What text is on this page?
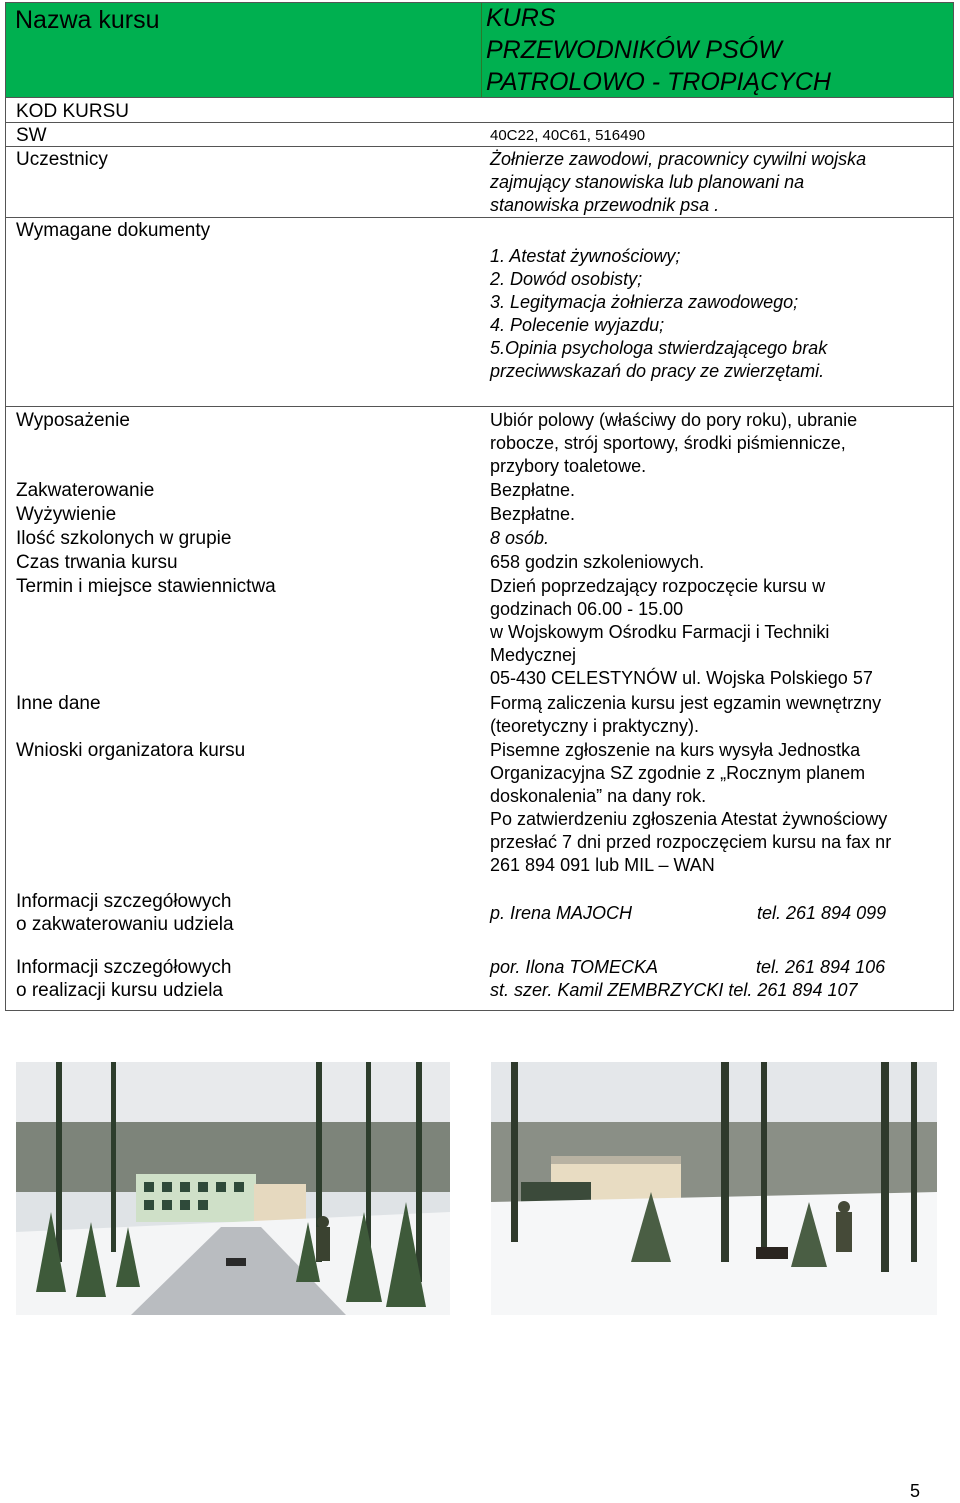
Nazwa kursu	KURS
PRZEWODNIKÓW PSÓW
PATROLOWO - TROPIĄCYCH
KOD KURSU
SW	40C22, 40C61, 516490
Uczestnicy	Żołnierze zawodowi, pracownicy cywilni wojska
zajmujący stanowiska lub planowani na
stanowiska przewodnik psa .
Wymagane dokumenty
1. Atestat żywnościowy;
2. Dowód osobisty;
3. Legitymacja żołnierza zawodowego;
4. Polecenie wyjazdu;
5.Opinia psychologa stwierdzającego brak
przeciwwskazań do pracy ze zwierzętami.
Wyposażenie	Ubiór polowy (właściwy do pory roku), ubranie
robocze, strój sportowy, środki piśmiennicze,
przybory toaletowe.
Zakwaterowanie	Bezpłatne.
Wyżywienie	Bezpłatne.
Ilość szkolonych w grupie	8 osób.
Czas trwania kursu	658 godzin szkoleniowych.
Termin i miejsce stawiennictwa	Dzień poprzedzający rozpoczęcie kursu w
godzinach 06.00 - 15.00
w Wojskowym Ośrodku Farmacji i Techniki
Medycznej
05-430 CELESTYNÓW ul. Wojska Polskiego 57
Inne dane	Formą zaliczenia kursu jest egzamin wewnętrzny
(teoretyczny i praktyczny).
Wnioski organizatora kursu	Pisemne zgłoszenie na kurs wysyła Jednostka
Organizacyjna SZ zgodnie z „Rocznym planem
doskonalenia” na dany rok.
Po zatwierdzeniu zgłoszenia Atestat żywnościowy
przesłać 7 dni przed rozpoczęciem kursu na fax nr
261 894 091 lub MIL – WAN
Informacji szczegółowych
o zakwaterowaniu udziela
p. Irena MAJOCH	tel. 261 894 099
Informacji szczegółowych
o realizacji kursu udziela
por. Ilona TOMECKA	tel. 261 894 106
st. szer. Kamil ZEMBRZYCKI tel. 261 894 107
5
